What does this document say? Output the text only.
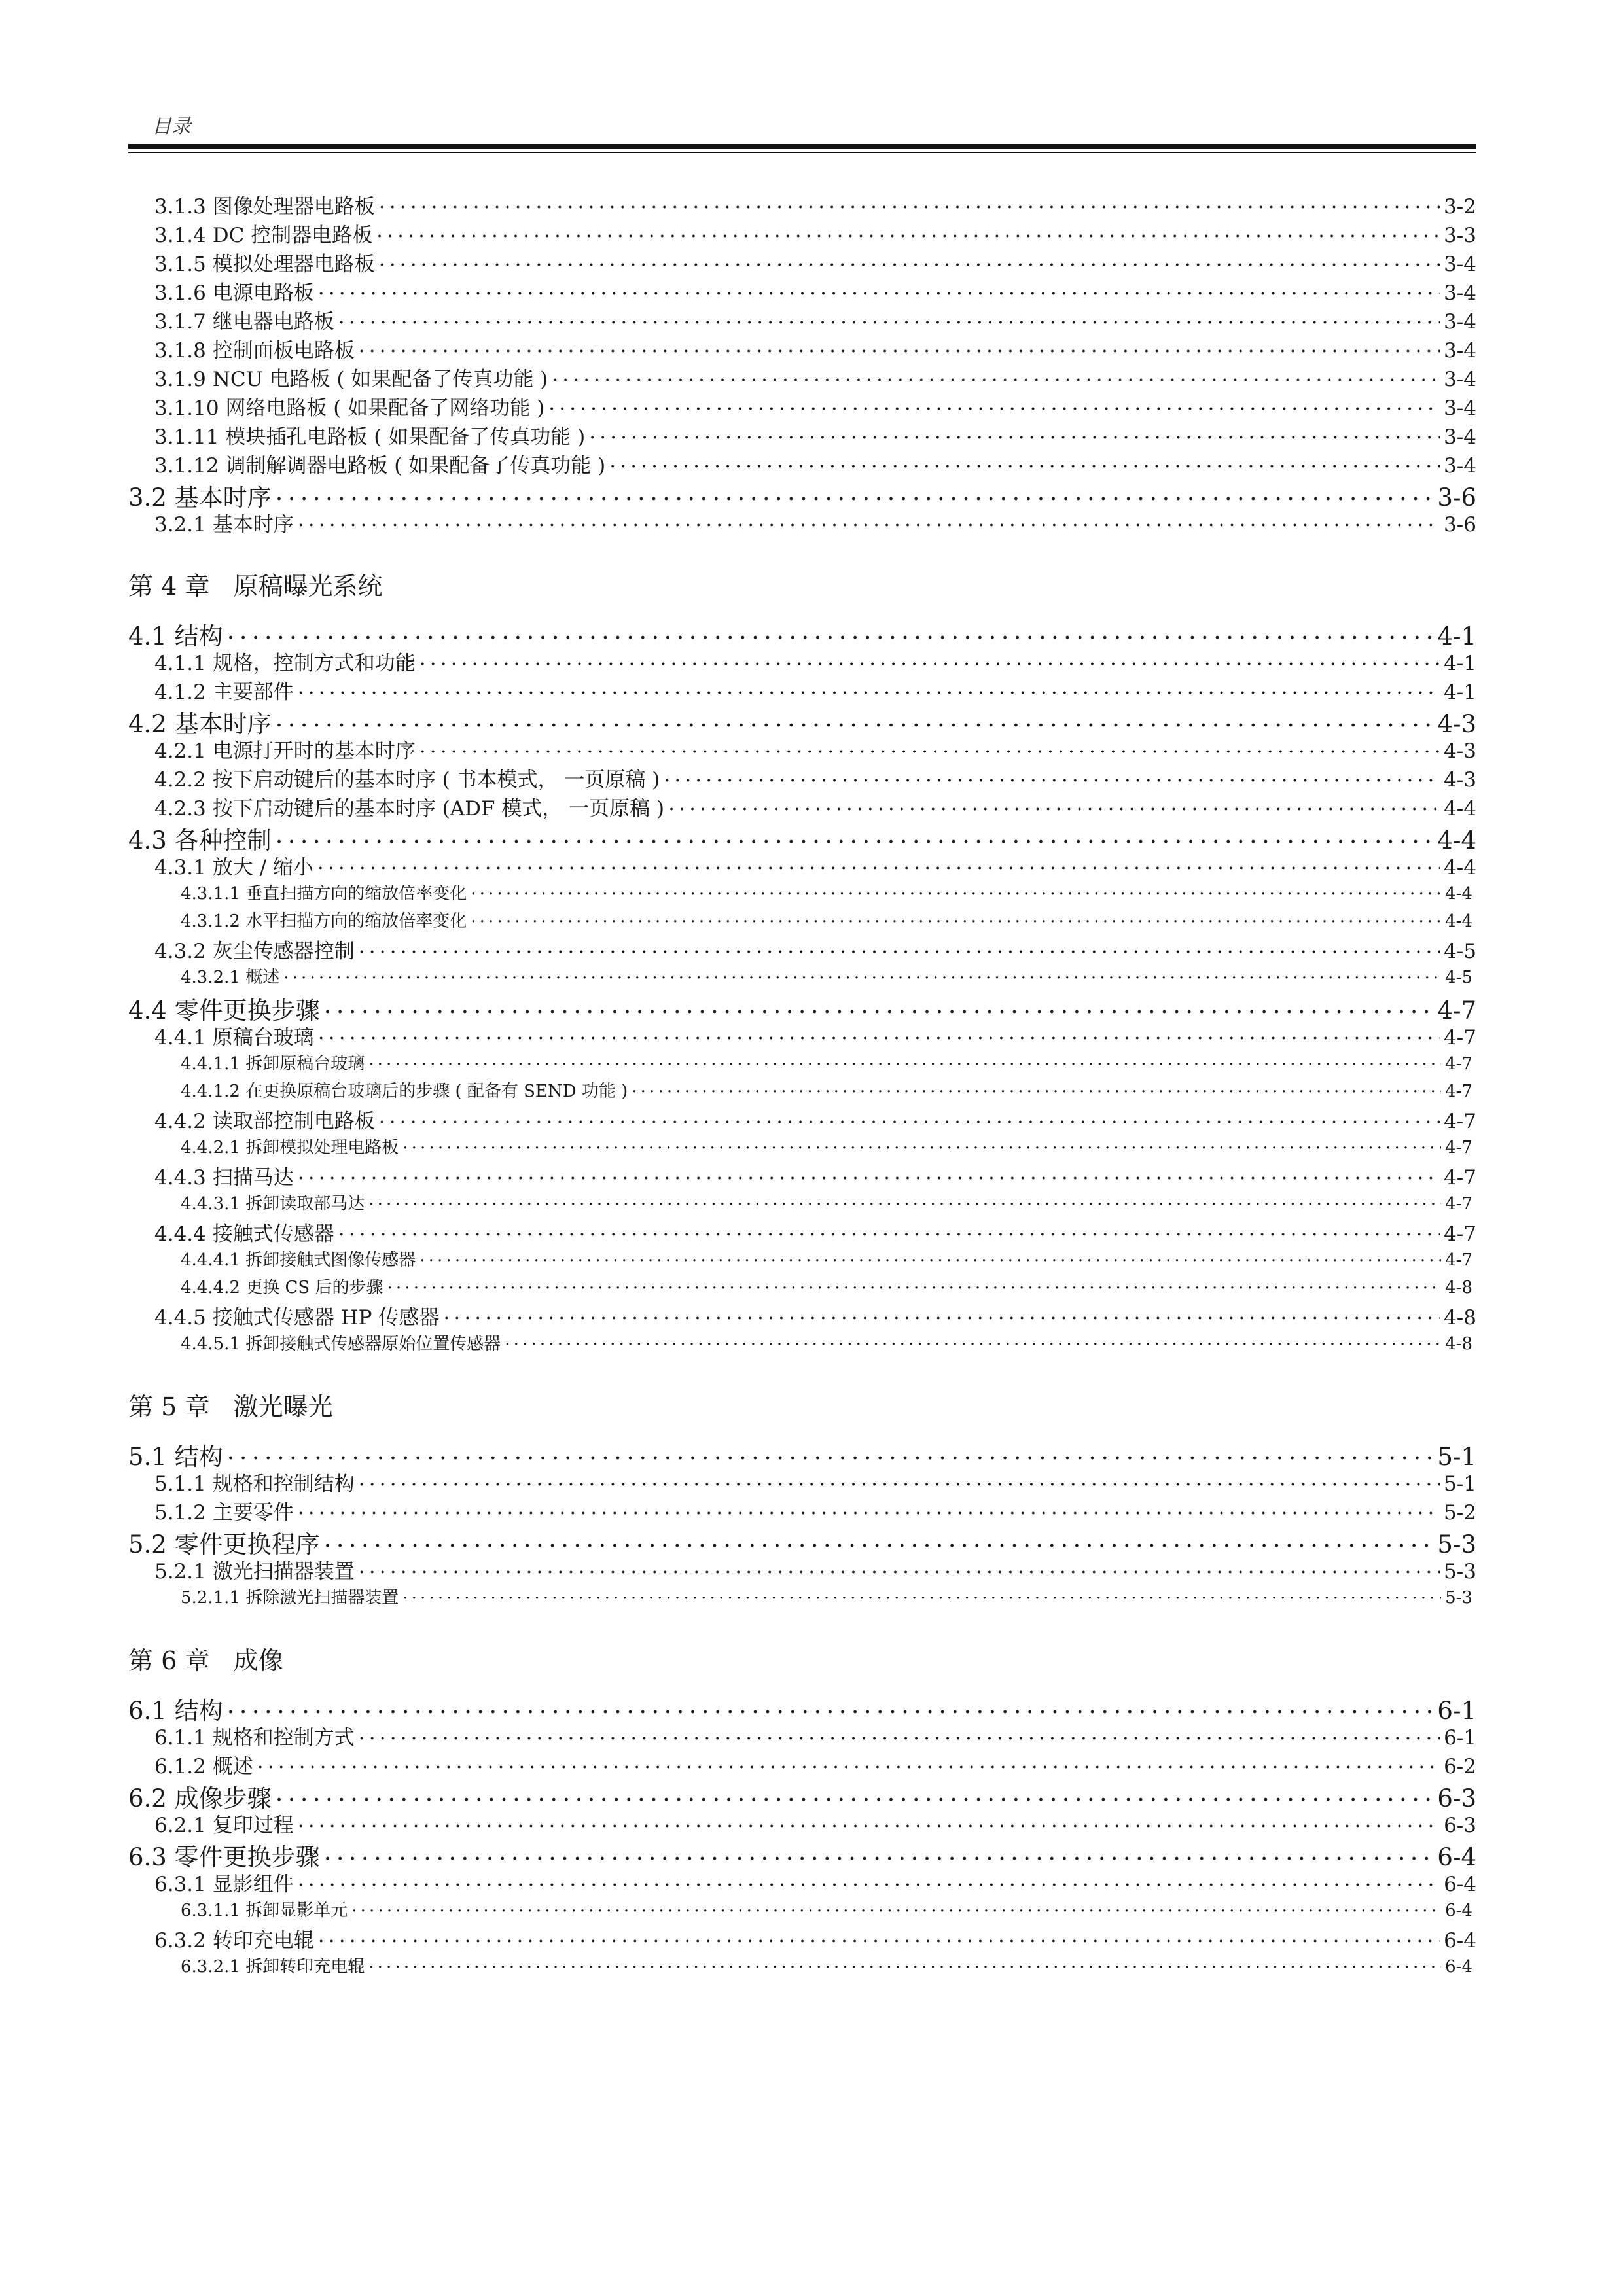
目录
3.1.3 图像处理器电路板 . . .	3-2
3.1.4 DC 控制器电路板 . . .	3-3
3.1.5 模拟处理器电路板 . . .	3-4
3.1.6 电源电路板 . . .	3-4
3.1.7 继电器电路板 . . .	3-4
3.1.8 控制面板电路板 . . .	3-4
3.1.9 NCU 电路板 ( 如果配备了传真功能 ) . . .	3-4
3.1.10 网络电路板 ( 如果配备了网络功能 ) . . .	3-4
3.1.11 模块插孔电路板 ( 如果配备了传真功能 ) . . .	3-4
3.1.12 调制解调器电路板 ( 如果配备了传真功能 ) . . .	3-4
3.2 基本时序 . . .	3-6
3.2.1 基本时序 . . .	3-6
第 4 章   原稿曝光系统
4.1 结构 . . .	4-1
4.1.1 规格，控制方式和功能 . . .	4-1
4.1.2 主要部件 . . .	4-1
4.2 基本时序 . . .	4-3
4.2.1 电源打开时的基本时序 . . .	4-3
4.2.2 按下启动键后的基本时序 ( 书本模式， 一页原稿 ) . . .	4-3
4.2.3 按下启动键后的基本时序 (ADF 模式， 一页原稿 ) . . .	4-4
4.3 各种控制 . . .	4-4
4.3.1 放大 / 缩小 . . .	4-4
4.3.1.1 垂直扫描方向的缩放倍率变化 . . .	4-4
4.3.1.2 水平扫描方向的缩放倍率变化 . . .	4-4
4.3.2 灰尘传感器控制 . . .	4-5
4.3.2.1 概述 . . .	4-5
4.4 零件更换步骤 . . .	4-7
4.4.1 原稿台玻璃 . . .	4-7
4.4.1.1 拆卸原稿台玻璃 . . .	4-7
4.4.1.2 在更换原稿台玻璃后的步骤 ( 配备有 SEND 功能 ) . . .	4-7
4.4.2 读取部控制电路板 . . .	4-7
4.4.2.1 拆卸模拟处理电路板 . . .	4-7
4.4.3 扫描马达 . . .	4-7
4.4.3.1 拆卸读取部马达 . . .	4-7
4.4.4 接触式传感器 . . .	4-7
4.4.4.1 拆卸接触式图像传感器 . . .	4-7
4.4.4.2 更换 CS 后的步骤 . . .	4-8
4.4.5 接触式传感器 HP 传感器 . . .	4-8
4.4.5.1 拆卸接触式传感器原始位置传感器 . . .	4-8
第 5 章   激光曝光
5.1 结构 . . .	5-1
5.1.1 规格和控制结构 . . .	5-1
5.1.2 主要零件 . . .	5-2
5.2 零件更换程序 . . .	5-3
5.2.1 激光扫描器装置 . . .	5-3
5.2.1.1 拆除激光扫描器装置 . . .	5-3
第 6 章   成像
6.1 结构 . . .	6-1
6.1.1 规格和控制方式 . . .	6-1
6.1.2 概述 . . .	6-2
6.2 成像步骤 . . .	6-3
6.2.1 复印过程 . . .	6-3
6.3 零件更换步骤 . . .	6-4
6.3.1 显影组件 . . .	6-4
6.3.1.1 拆卸显影单元 . . .	6-4
6.3.2 转印充电辊 . . .	6-4
6.3.2.1 拆卸转印充电辊 . . .	6-4
